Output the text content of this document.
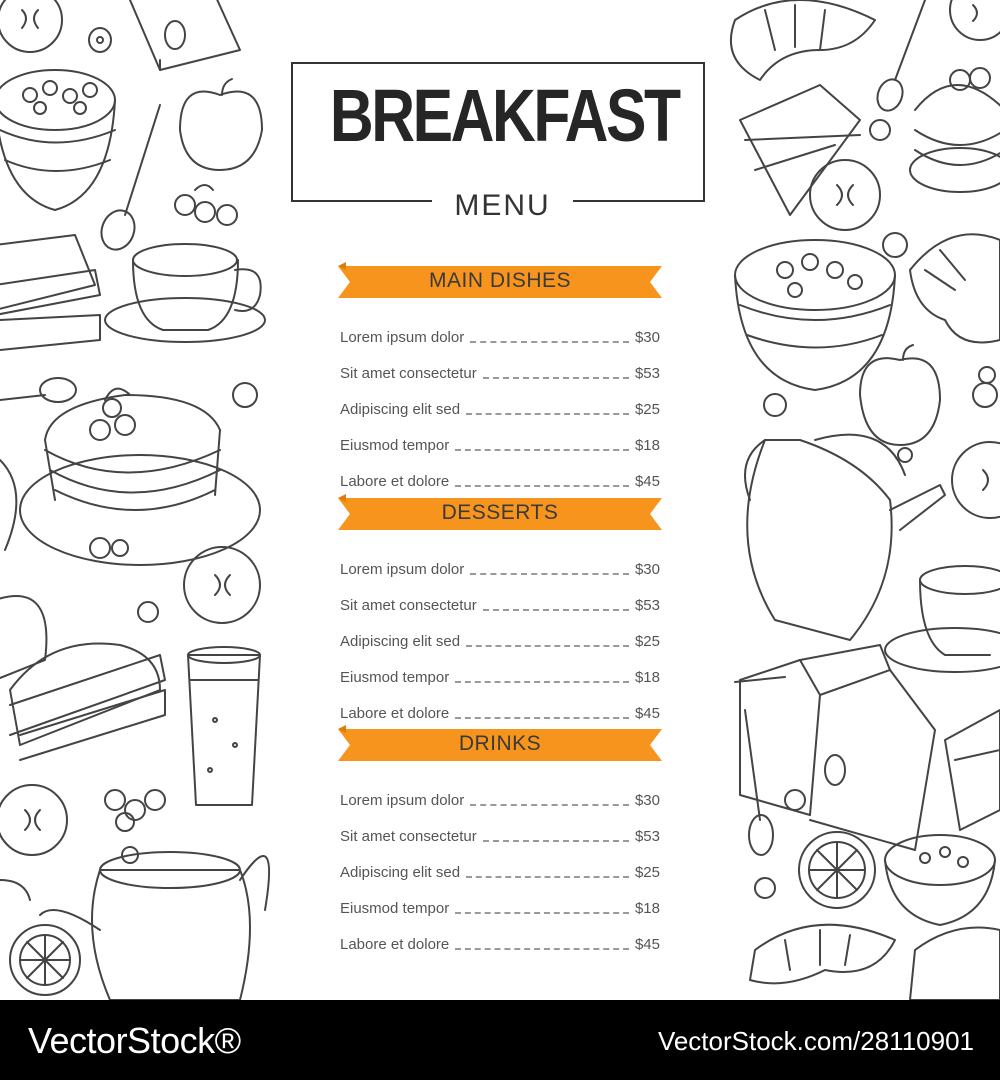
BREAKFAST
MENU
MAIN DISHES
Lorem ipsum dolor	$30
Sit amet consectetur	$53
Adipiscing elit sed	$25
Eiusmod tempor	$18
Labore et dolore	$45
DESSERTS
Lorem ipsum dolor	$30
Sit amet consectetur	$53
Adipiscing elit sed	$25
Eiusmod tempor	$18
Labore et dolore	$45
DRINKS
Lorem ipsum dolor	$30
Sit amet consectetur	$53
Adipiscing elit sed	$25
Eiusmod tempor	$18
Labore et dolore	$45
VectorStock®	VectorStock.com/28110901
